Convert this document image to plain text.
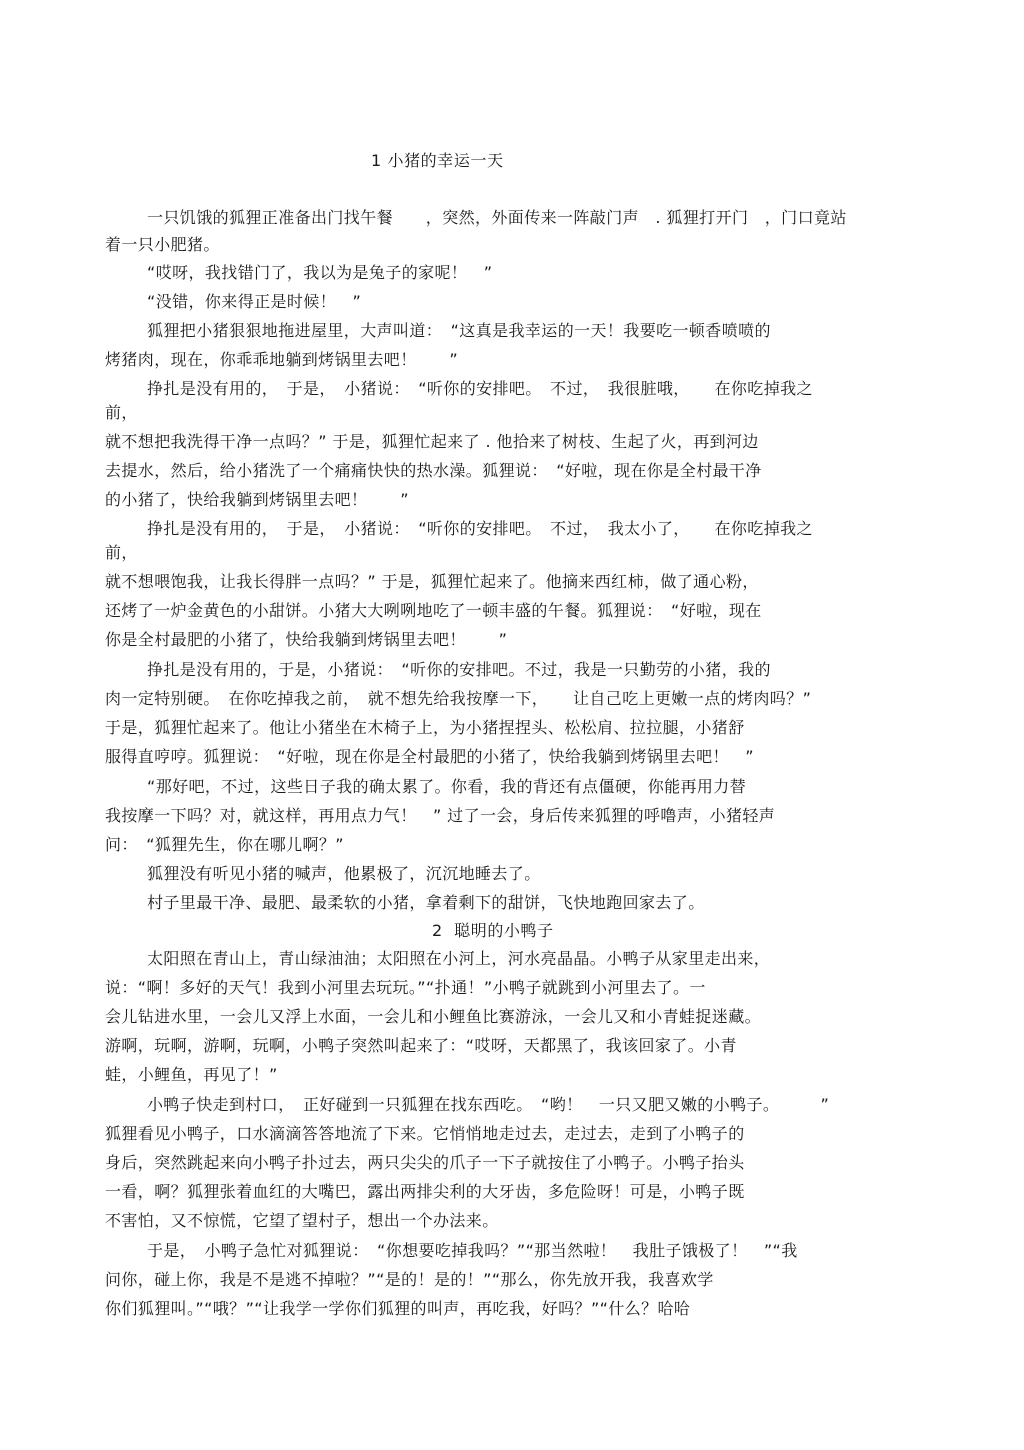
1 小猪的幸运一天
一只饥饿的狐狸正准备出门找午餐　　，突然，外面传来一阵敲门声　. 狐狸打开门　，门口竟站
着一只小肥猪。
“哎呀，我找错门了，我以为是兔子的家呢！　”
“没错，你来得正是时候！　”
狐狸把小猪狠狠地拖进屋里，大声叫道：　“这真是我幸运的一天！我要吃一顿香喷喷的
烤猪肉，现在，你乖乖地躺到烤锅里去吧！　　”
挣扎是没有用的，　于是，　小猪说：　“听你的安排吧。　不过，　我很脏哦，　　在你吃掉我之
前，
就不想把我洗得干净一点吗？” 于是，狐狸忙起来了 . 他拾来了树枝、生起了火，再到河边
去提水，然后，给小猪洗了一个痛痛快快的热水澡。狐狸说：　“好啦，现在你是全村最干净
的小猪了，快给我躺到烤锅里去吧！　　”
挣扎是没有用的，　于是，　小猪说：　“听你的安排吧。　不过，　我太小了，　　在你吃掉我之
前，
就不想喂饱我，让我长得胖一点吗？” 于是，狐狸忙起来了。他摘来西红柿，做了通心粉，
还烤了一炉金黄色的小甜饼。小猪大大咧咧地吃了一顿丰盛的午餐。狐狸说：　“好啦，现在
你是全村最肥的小猪了，快给我躺到烤锅里去吧！　　”
挣扎是没有用的，于是，小猪说：　“听你的安排吧。不过，我是一只勤劳的小猪，我的
肉一定特别硬。　在你吃掉我之前，　就不想先给我按摩一下，　　让自己吃上更嫩一点的烤肉吗？”
于是，狐狸忙起来了。他让小猪坐在木椅子上，为小猪捏捏头、松松肩、拉拉腿，小猪舒
服得直哼哼。狐狸说：　“好啦，现在你是全村最肥的小猪了，快给我躺到烤锅里去吧！　”
“那好吧，不过，这些日子我的确太累了。你看，我的背还有点僵硬，你能再用力替
我按摩一下吗？对，就这样，再用点力气！　” 过了一会，身后传来狐狸的呼噜声，小猪轻声
问：　“狐狸先生，你在哪儿啊？”
狐狸没有听见小猪的喊声，他累极了，沉沉地睡去了。
村子里最干净、最肥、最柔软的小猪，拿着剩下的甜饼，飞快地跑回家去了。
2  聪明的小鸭子
太阳照在青山上，青山绿油油；太阳照在小河上，河水亮晶晶。小鸭子从家里走出来，
说：“啊！多好的天气！我到小河里去玩玩。”“扑通！”小鸭子就跳到小河里去了。一
会儿钻进水里，一会儿又浮上水面，一会儿和小鲤鱼比赛游泳，一会儿又和小青蛙捉迷藏。
游啊，玩啊，游啊，玩啊，小鸭子突然叫起来了：“哎呀，天都黑了，我该回家了。小青
蛙，小鲤鱼，再见了！”
小鸭子快走到村口，　正好碰到一只狐狸在找东西吃。　“哟！　一只又肥又嫩的小鸭子。　　　”
狐狸看见小鸭子，口水滴滴答答地流了下来。它悄悄地走过去，走过去，走到了小鸭子的
身后，突然跳起来向小鸭子扑过去，两只尖尖的爪子一下子就按住了小鸭子。小鸭子抬头
一看，啊？狐狸张着血红的大嘴巴，露出两排尖利的大牙齿，多危险呀！可是，小鸭子既
不害怕，又不惊慌，它望了望村子，想出一个办法来。
于是，　小鸭子急忙对狐狸说：　“你想要吃掉我吗？”“那当然啦！　我肚子饿极了！　”“我
问你，碰上你，我是不是逃不掉啦？”“是的！是的！”“那么，你先放开我，我喜欢学
你们狐狸叫。”“哦？”“让我学一学你们狐狸的叫声，再吃我，好吗？”“什么？哈哈
